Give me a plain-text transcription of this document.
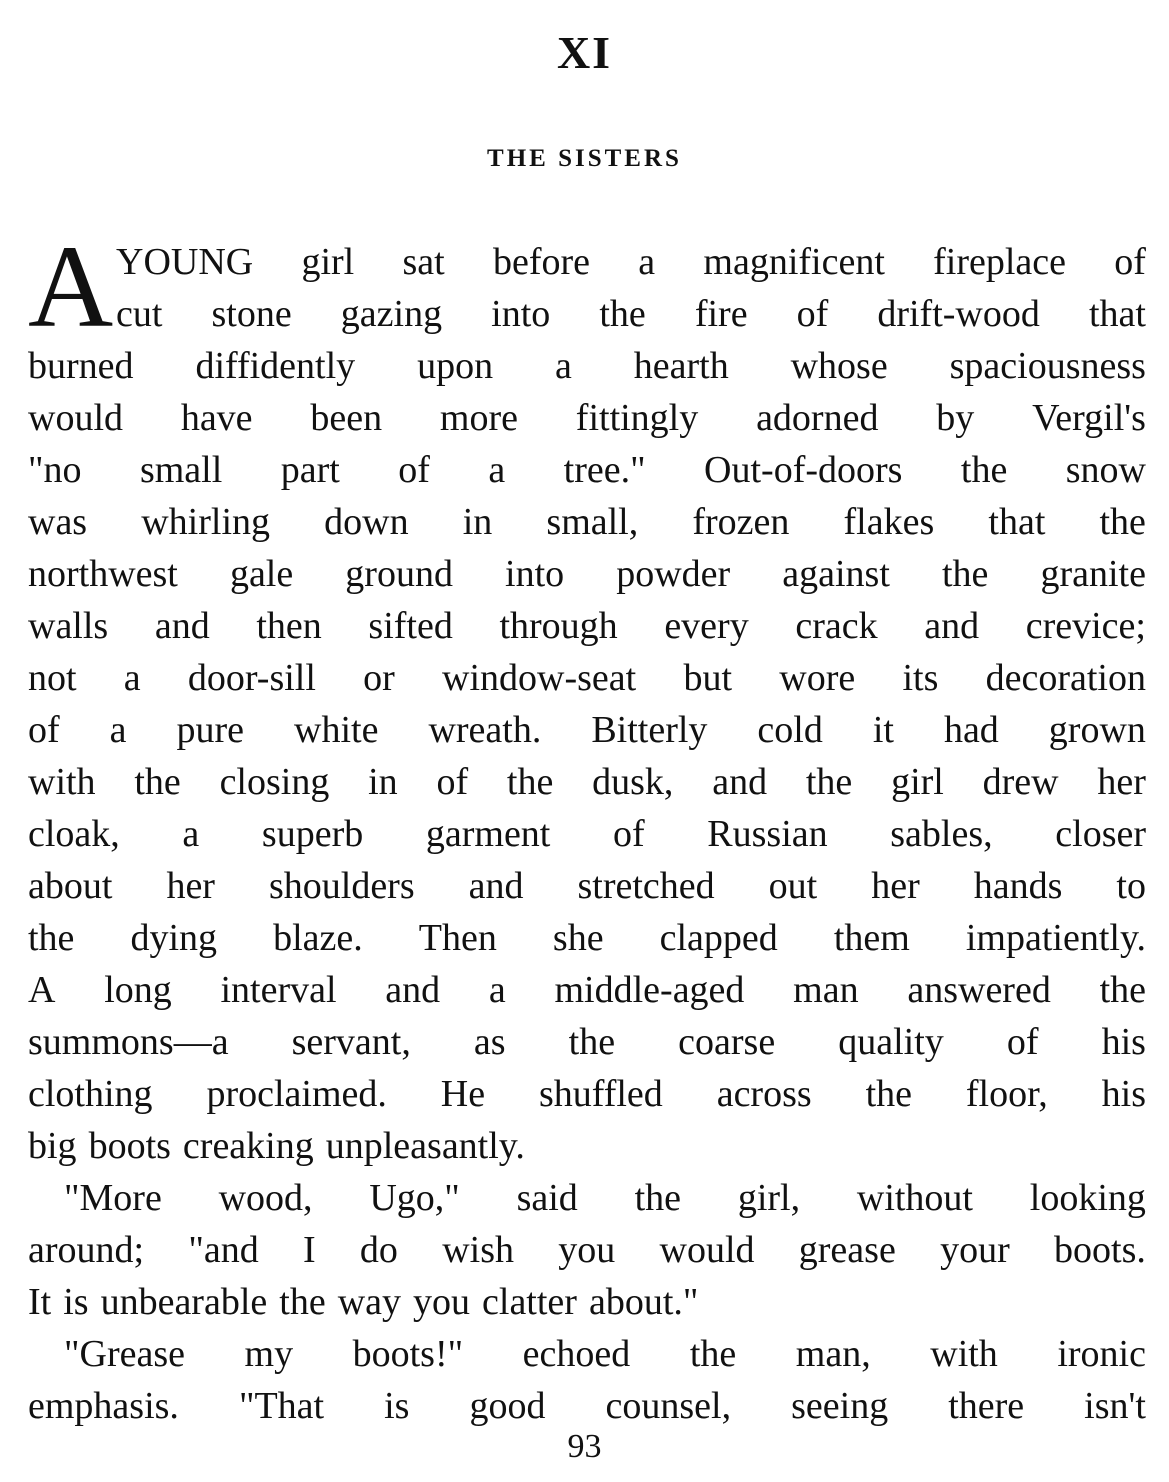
XI
THE SISTERS
A YOUNG girl sat before a magnificent fireplace of
cut stone gazing into the fire of drift-wood that
burned diffidently upon a hearth whose spaciousness
would have been more fittingly adorned by Vergil's
"no small part of a tree." Out-of-doors the snow
was whirling down in small, frozen flakes that the
northwest gale ground into powder against the granite
walls and then sifted through every crack and crevice;
not a door-sill or window-seat but wore its decoration
of a pure white wreath. Bitterly cold it had grown
with the closing in of the dusk, and the girl drew her
cloak, a superb garment of Russian sables, closer
about her shoulders and stretched out her hands to
the dying blaze. Then she clapped them impatiently.
A long interval and a middle-aged man answered the
summons—a servant, as the coarse quality of his
clothing proclaimed. He shuffled across the floor, his
big boots creaking unpleasantly.
"More wood, Ugo," said the girl, without looking
around; "and I do wish you would grease your boots.
It is unbearable the way you clatter about."
"Grease my boots!" echoed the man, with ironic
emphasis. "That is good counsel, seeing there isn't
93
